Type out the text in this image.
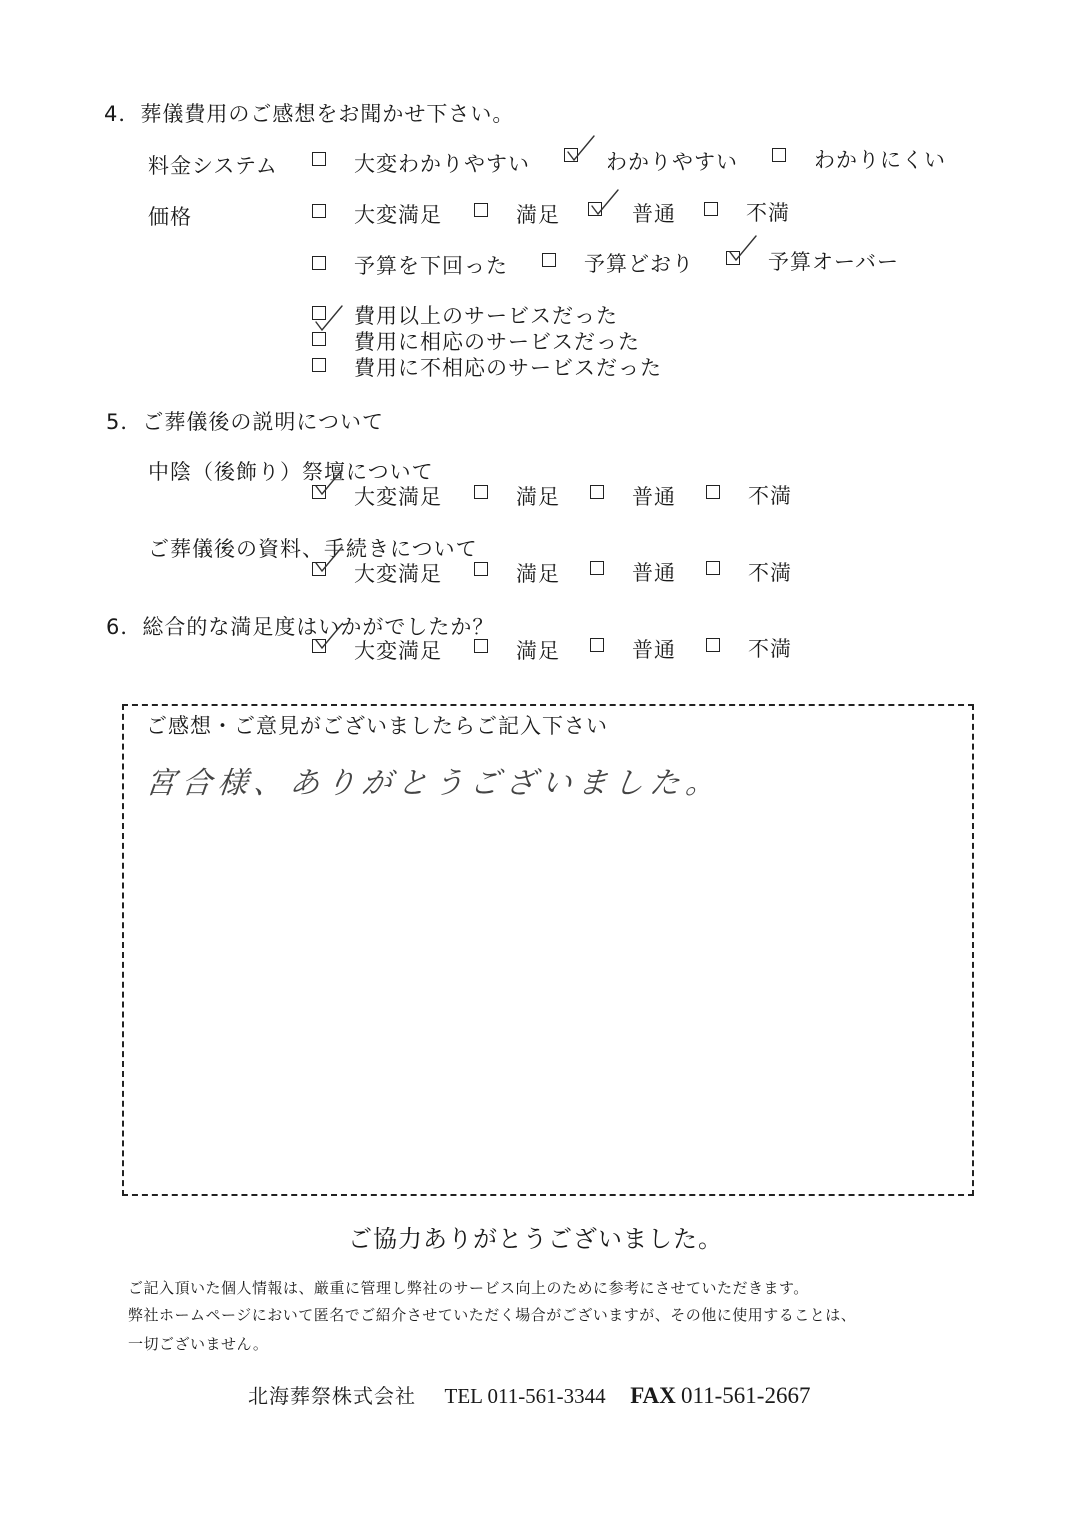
4．葬儀費用のご感想をお聞かせ下さい。
料金システム	大変わかりやすい	わかりやすい	わかりにくい
価格	大変満足	満足	普通	不満
予算を下回った	予算どおり	予算オーバー
費用以上のサービスだった
費用に相応のサービスだった
費用に不相応のサービスだった
5．ご葬儀後の説明について
中陰（後飾り）祭壇について
大変満足	満足	普通	不満
ご葬儀後の資料、手続きについて
大変満足	満足	普通	不満
6．総合的な満足度はいかがでしたか？
大変満足	満足	普通	不満
ご感想・ご意見がございましたらご記入下さい
宮合様、ありがとうございました。
ご協力ありがとうございました。
ご記入頂いた個人情報は、厳重に管理し弊社のサービス向上のために参考にさせていただきます。
弊社ホームページにおいて匿名でご紹介させていただく場合がございますが、その他に使用することは、
一切ございません。
北海葬祭株式会社 TEL 011-561-3344 FAX 011-561-2667
